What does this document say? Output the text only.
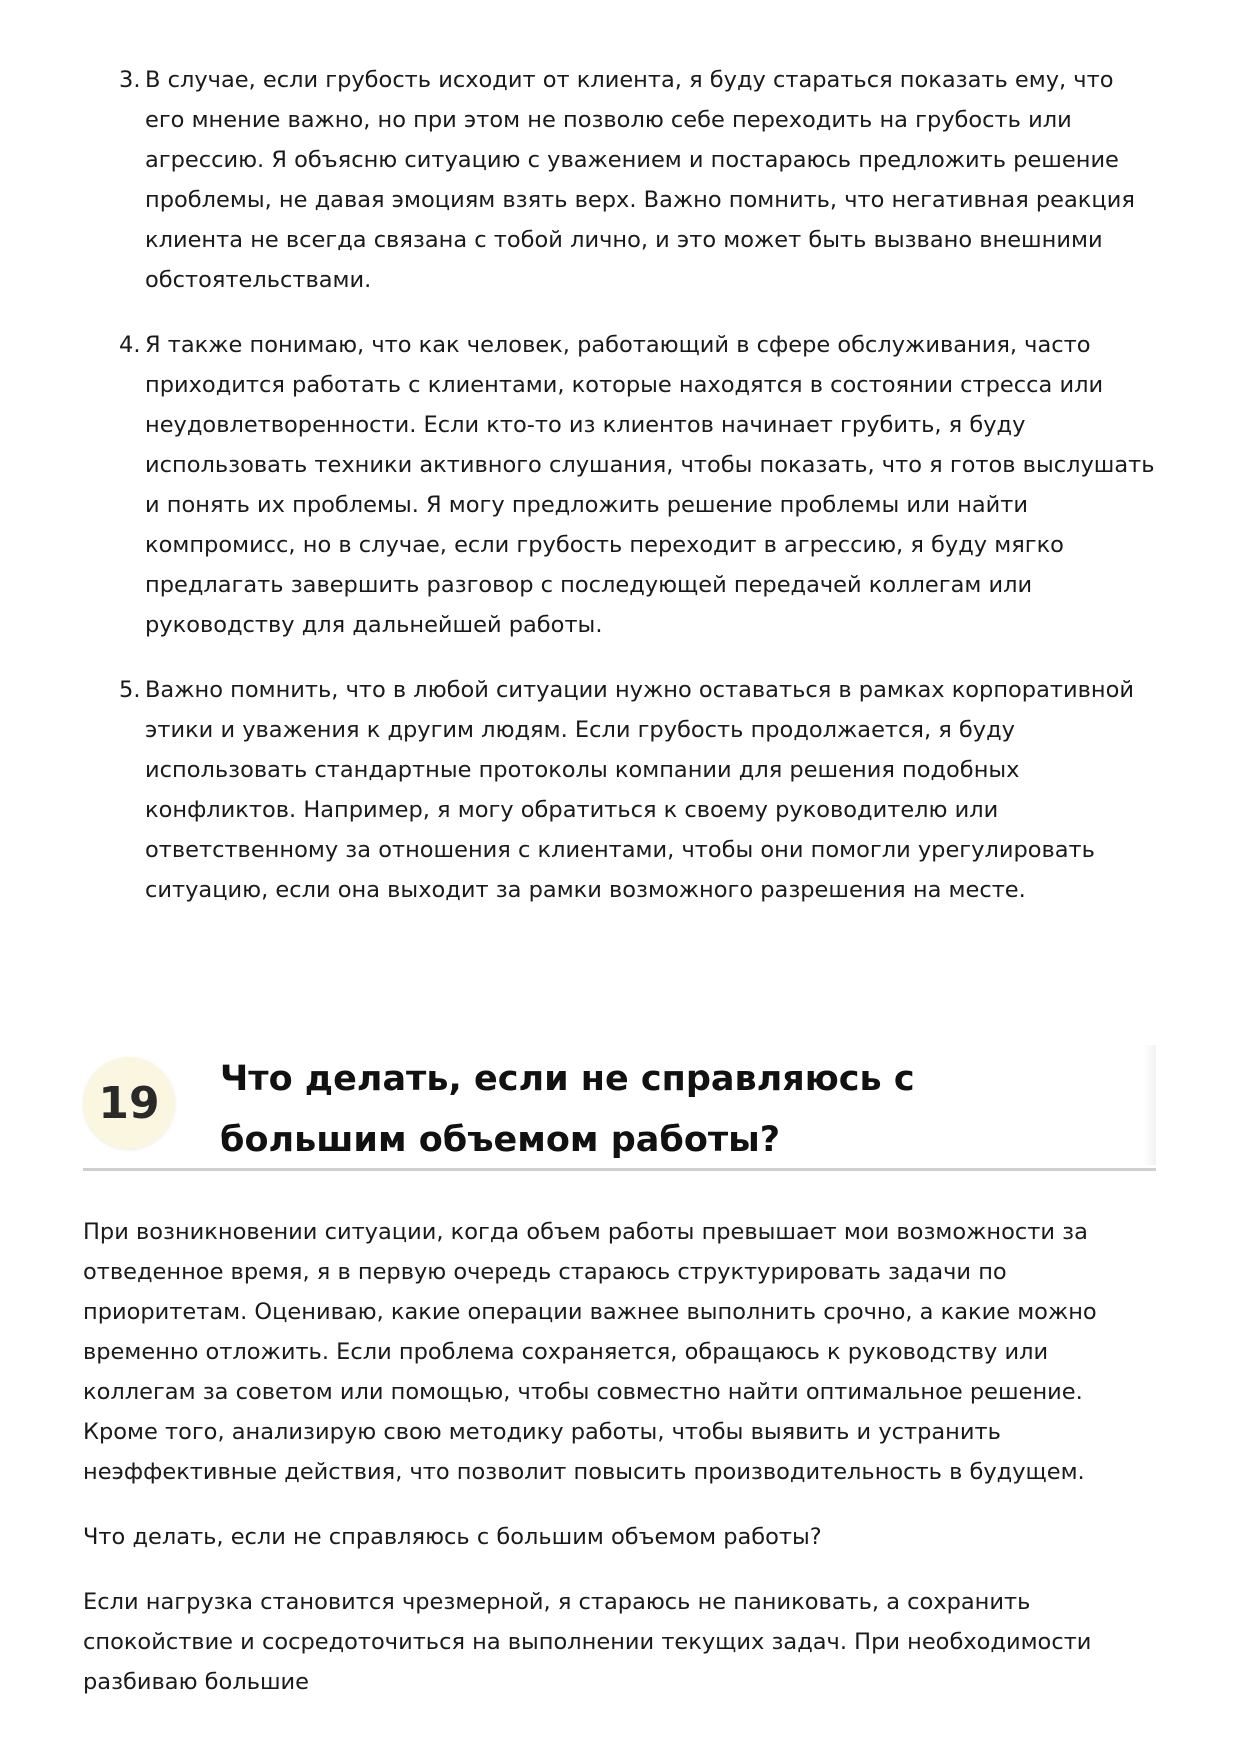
3. В случае, если грубость исходит от клиента, я буду стараться показать ему, что его мнение важно, но при этом не позволю себе переходить на грубость или агрессию. Я объясню ситуацию с уважением и постараюсь предложить решение проблемы, не давая эмоциям взять верх. Важно помнить, что негативная реакция клиента не всегда связана с тобой лично, и это может быть вызвано внешними обстоятельствами.
4. Я также понимаю, что как человек, работающий в сфере обслуживания, часто приходится работать с клиентами, которые находятся в состоянии стресса или неудовлетворенности. Если кто-то из клиентов начинает грубить, я буду использовать техники активного слушания, чтобы показать, что я готов выслушать и понять их проблемы. Я могу предложить решение проблемы или найти компромисс, но в случае, если грубость переходит в агрессию, я буду мягко предлагать завершить разговор с последующей передачей коллегам или руководству для дальнейшей работы.
5. Важно помнить, что в любой ситуации нужно оставаться в рамках корпоративной этики и уважения к другим людям. Если грубость продолжается, я буду использовать стандартные протоколы компании для решения подобных конфликтов. Например, я могу обратиться к своему руководителю или ответственному за отношения с клиентами, чтобы они помогли урегулировать ситуацию, если она выходит за рамки возможного разрешения на месте.
19	Что делать, если не справляюсь с большим объемом работы?

При возникновении ситуации, когда объем работы превышает мои возможности за отведенное время, я в первую очередь стараюсь структурировать задачи по приоритетам. Оцениваю, какие операции важнее выполнить срочно, а какие можно временно отложить. Если проблема сохраняется, обращаюсь к руководству или коллегам за советом или помощью, чтобы совместно найти оптимальное решение. Кроме того, анализирую свою методику работы, чтобы выявить и устранить неэффективные действия, что позволит повысить производительность в будущем.

Что делать, если не справляюсь с большим объемом работы?

Если нагрузка становится чрезмерной, я стараюсь не паниковать, а сохранить спокойствие и сосредоточиться на выполнении текущих задач. При необходимости разбиваю большие
